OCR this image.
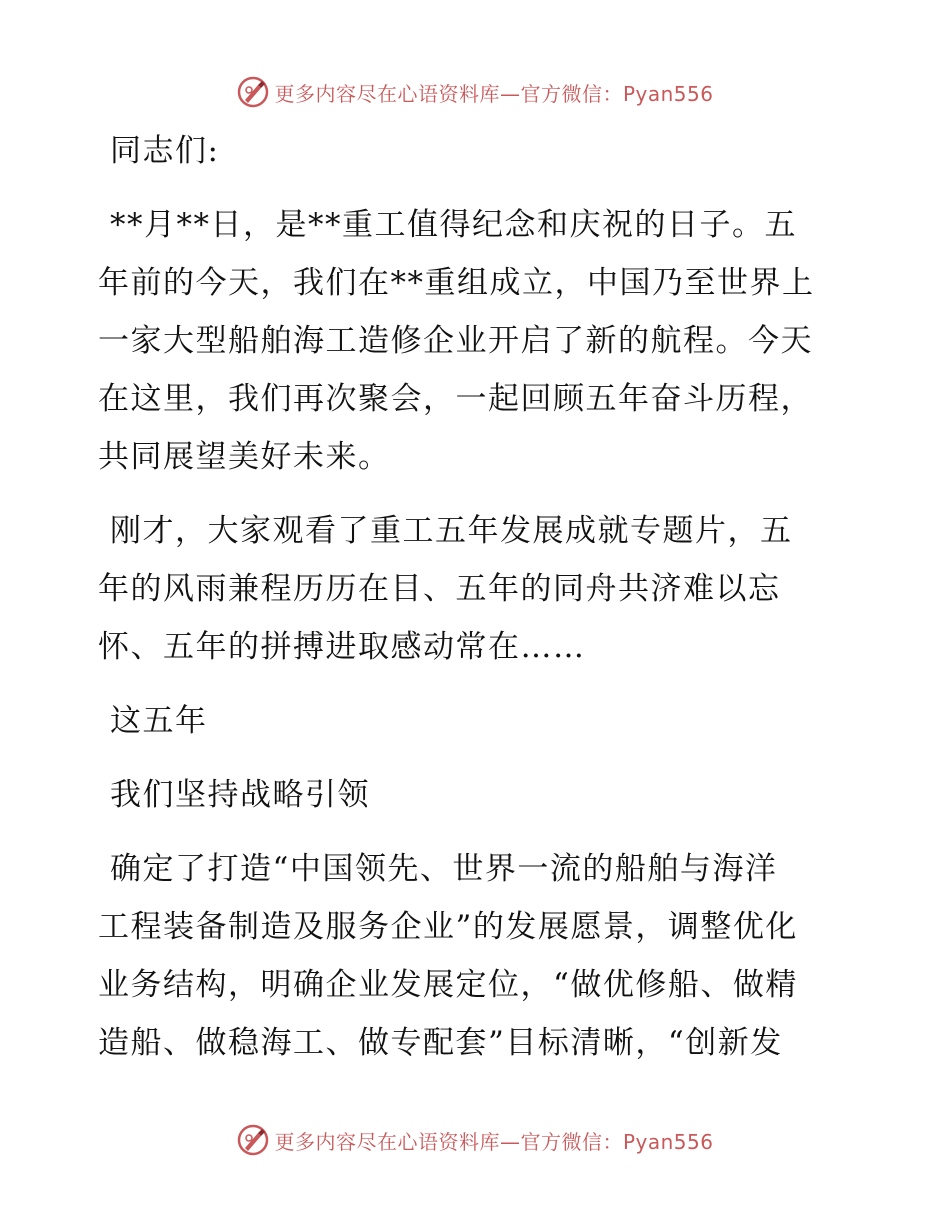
更多内容尽在心语资料库—官方微信：Pyan556

同志们:

**月**日，是**重工值得纪念和庆祝的日子。五
年前的今天，我们在**重组成立，中国乃至世界上
一家大型船舶海工造修企业开启了新的航程。今天
在这里，我们再次聚会，一起回顾五年奋斗历程，
共同展望美好未来。

刚才，大家观看了重工五年发展成就专题片，五
年的风雨兼程历历在目、五年的同舟共济难以忘
怀、五年的拼搏进取感动常在……

这五年

我们坚持战略引领

确定了打造“中国领先、世界一流的船舶与海洋
工程装备制造及服务企业”的发展愿景，调整优化
业务结构，明确企业发展定位，“做优修船、做精
造船、做稳海工、做专配套”目标清晰，“创新发

更多内容尽在心语资料库—官方微信：Pyan556
